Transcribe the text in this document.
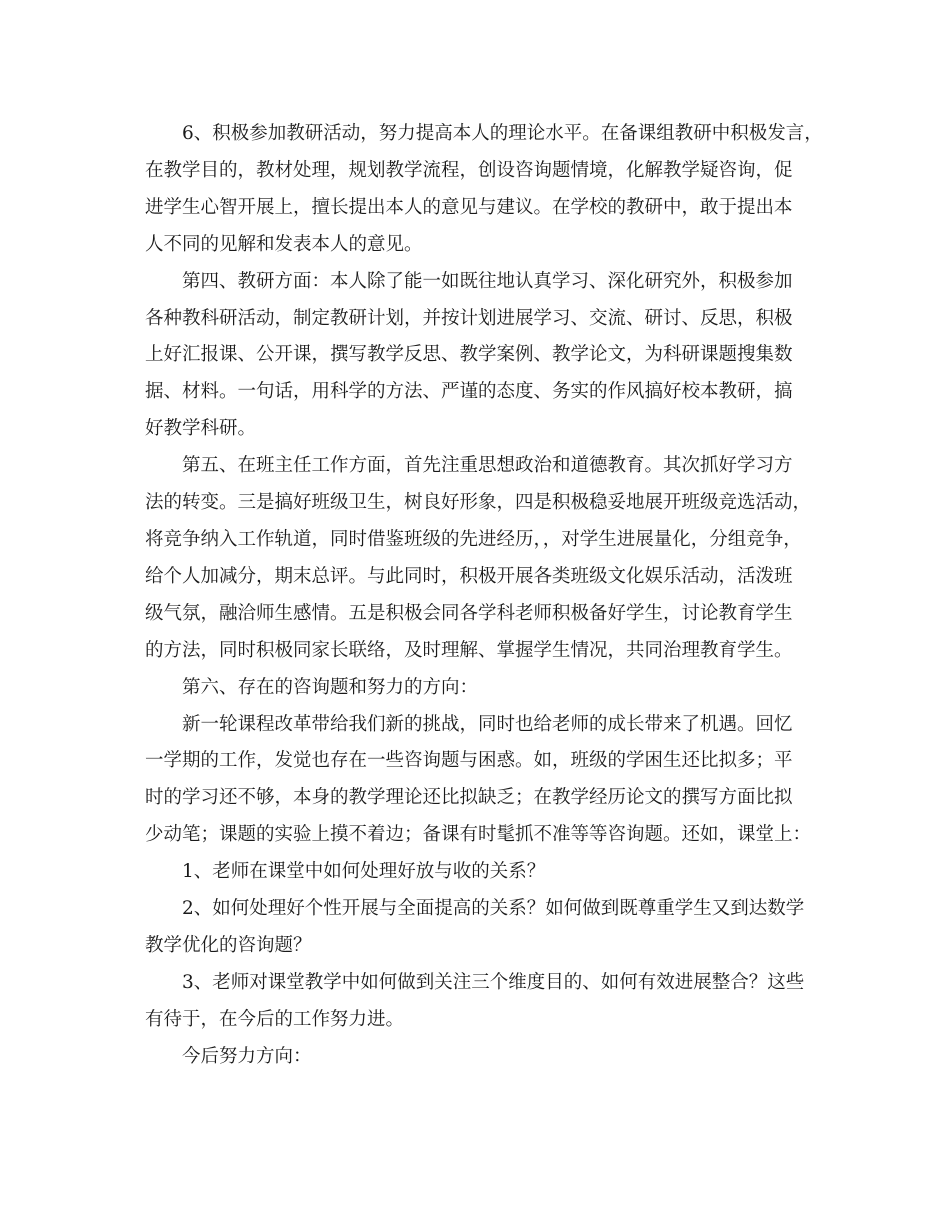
6、积极参加教研活动，努力提高本人的理论水平。在备课组教研中积极发言，
在教学目的，教材处理，规划教学流程，创设咨询题情境，化解教学疑咨询，促
进学生心智开展上，擅长提出本人的意见与建议。在学校的教研中，敢于提出本
人不同的见解和发表本人的意见。

第四、教研方面：本人除了能一如既往地认真学习、深化研究外，积极参加
各种教科研活动，制定教研计划，并按计划进展学习、交流、研讨、反思，积极
上好汇报课、公开课，撰写教学反思、教学案例、教学论文，为科研课题搜集数
据、材料。一句话，用科学的方法、严谨的态度、务实的作风搞好校本教研，搞
好教学科研。

第五、在班主任工作方面，首先注重思想政治和道德教育。其次抓好学习方
法的转变。三是搞好班级卫生，树良好形象，四是积极稳妥地展开班级竞选活动，
将竞争纳入工作轨道，同时借鉴班级的先进经历，，对学生进展量化，分组竞争，
给个人加减分，期末总评。与此同时，积极开展各类班级文化娱乐活动，活泼班
级气氛，融洽师生感情。五是积极会同各学科老师积极备好学生，讨论教育学生
的方法，同时积极同家长联络，及时理解、掌握学生情况，共同治理教育学生。

第六、存在的咨询题和努力的方向：

新一轮课程改革带给我们新的挑战，同时也给老师的成长带来了机遇。回忆
一学期的工作，发觉也存在一些咨询题与困惑。如，班级的学困生还比拟多；平
时的学习还不够，本身的教学理论还比拟缺乏；在教学经历论文的撰写方面比拟
少动笔；课题的实验上摸不着边；备课有时髦抓不准等等咨询题。还如，课堂上：

1、老师在课堂中如何处理好放与收的关系？

2、如何处理好个性开展与全面提高的关系？如何做到既尊重学生又到达数学
教学优化的咨询题？

3、老师对课堂教学中如何做到关注三个维度目的、如何有效进展整合？这些
有待于，在今后的工作努力进。

今后努力方向：
